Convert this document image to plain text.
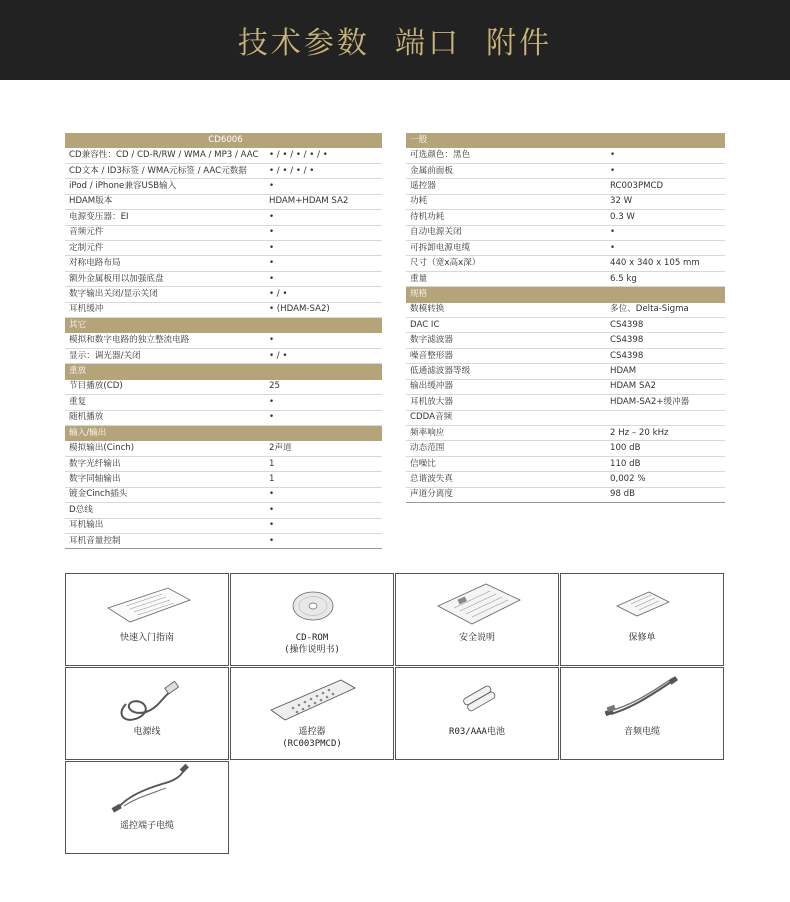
技术参数  端口  附件
CD6006	
CD兼容性：CD / CD-R/RW / WMA / MP3 / AAC	• / • / • / • / •
CD文本 / ID3标签 / WMA元标签 / AAC元数据	• / • / • / •
iPod / iPhone兼容USB输入	•
HDAM版本	HDAM+HDAM SA2
电源变压器：EI	•
音频元件	•
定制元件	•
对称电路布局	•
额外金属板用以加强底盘	•
数字输出关闭/显示关闭	• / •
耳机缓冲	• (HDAM-SA2)
其它	
模拟和数字电路的独立整流电路	•
显示：调光器/关闭	• / •
重放	
节目播放(CD)	25
重复	•
随机播放	•
输入/输出	
模拟输出(Cinch)	2声道
数字光纤输出	1
数字同轴输出	1
镀金Cinch插头	•
D总线	•
耳机输出	•
耳机音量控制	•
一般	
可选颜色：黑色	•
金属前面板	•
遥控器	RC003PMCD
功耗	32 W
待机功耗	0.3 W
自动电源关闭	•
可拆卸电源电缆	•
尺寸（宽x高x深）	440 x 340 x 105 mm
重量	6.5 kg
规格	
数模转换	多位、Delta-Sigma
DAC IC	CS4398
数字滤波器	CS4398
噪音整形器	CS4398
低通滤波器等级	HDAM
输出缓冲器	HDAM SA2
耳机放大器	HDAM-SA2+缓冲器
CDDA音频	
频率响应	2 Hz – 20 kHz
动态范围	100 dB
信噪比	110 dB
总谐波失真	0,002 %
声道分离度	98 dB
快速入门指南	CD-ROM
(操作说明书)
安全说明	保修单
电源线	遥控器
(RC003PMCD)
R03/AAA电池	音频电缆
遥控端子电缆
